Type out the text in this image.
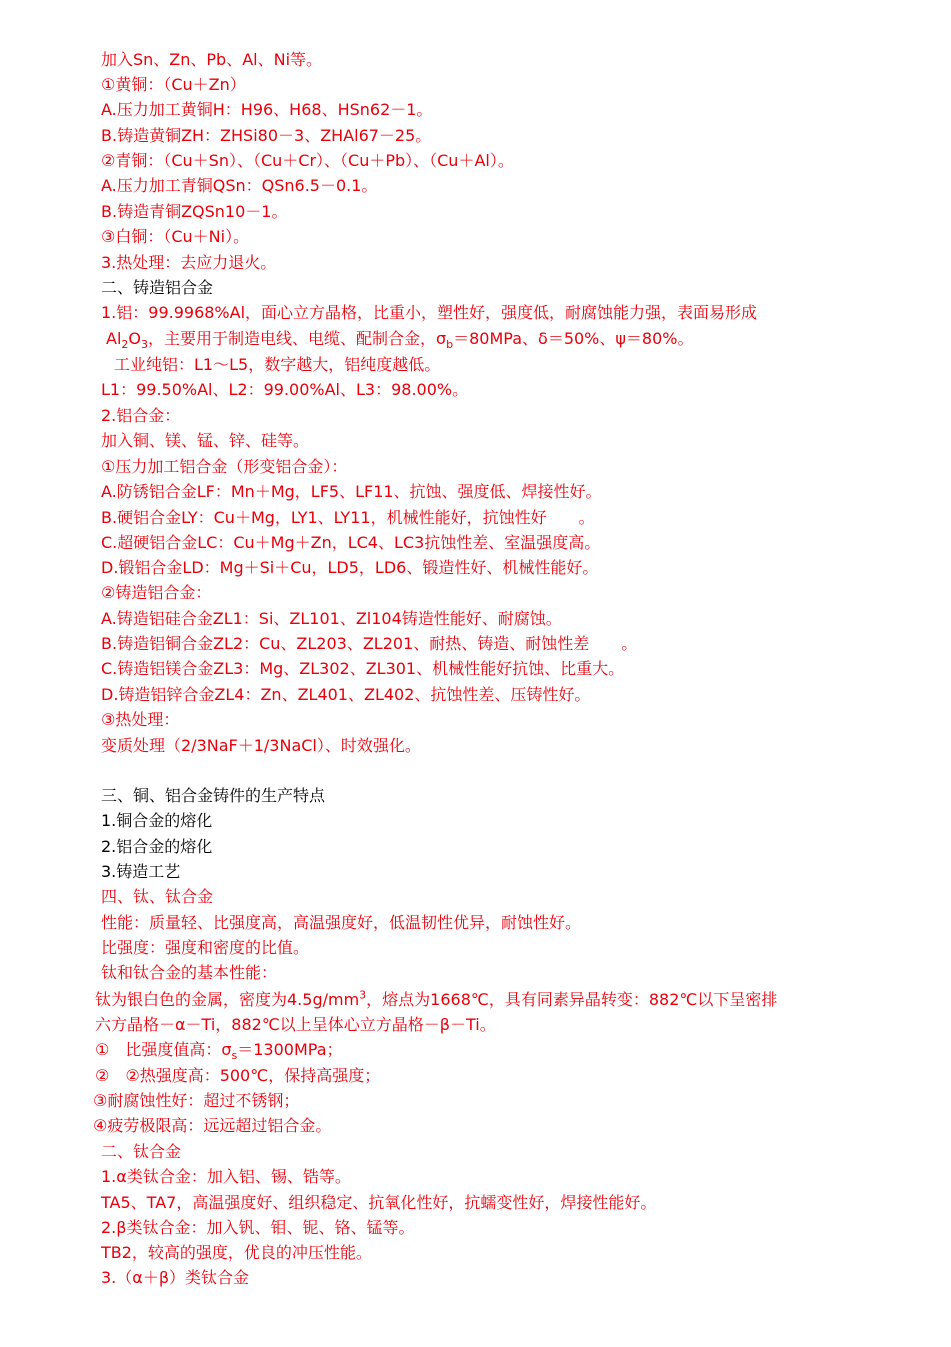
加入Sn、Zn、Pb、Al、Ni等。
①黄铜：（Cu＋Zn）
A.压力加工黄铜H：H96、H68、HSn62－1。
B.铸造黄铜ZH：ZHSi80－3、ZHAl67－25。
②青铜：（Cu＋Sn）、（Cu＋Cr）、（Cu＋Pb）、（Cu＋Al）。
A.压力加工青铜QSn：QSn6.5－0.1。
B.铸造青铜ZQSn10－1。
③白铜：（Cu＋Ni）。
3.热处理：去应力退火。
二、铸造铝合金
1.铝：99.9968%Al，面心立方晶格，比重小，塑性好，强度低，耐腐蚀能力强，表面易形成
$Al_2O_3$，主要用于制造电线、电缆、配制合金，$\sigma_b=80MPa$、δ＝50%、ψ＝80%。
工业纯铝：L1～L5，数字越大，铝纯度越低。
L1：99.50%Al、L2：99.00%Al、L3：98.00%。
2.铝合金：
加入铜、镁、锰、锌、硅等。
①压力加工铝合金（形变铝合金）：
A.防锈铝合金LF：Mn＋Mg，LF5、LF11、抗蚀、强度低、焊接性好。
B.硬铝合金LY：Cu＋Mg，LY1、LY11，机械性能好，抗蚀性好　　。
C.超硬铝合金LC：Cu＋Mg＋Zn，LC4、LC3抗蚀性差、室温强度高。
D.锻铝合金LD：Mg＋Si＋Cu，LD5，LD6、锻造性好、机械性能好。
②铸造铝合金：
A.铸造铝硅合金ZL1：Si、ZL101、Zl104铸造性能好、耐腐蚀。
B.铸造铝铜合金ZL2：Cu、ZL203、ZL201、耐热、铸造、耐蚀性差　　。
C.铸造铝镁合金ZL3：Mg、ZL302、ZL301、机械性能好抗蚀、比重大。
D.铸造铝锌合金ZL4：Zn、ZL401、ZL402、抗蚀性差、压铸性好。
③热处理：
变质处理（2/3NaF＋1/3NaCl）、时效强化。
三、铜、铝合金铸件的生产特点
1.铜合金的熔化
2.铝合金的熔化
3.铸造工艺
四、钛、钛合金
性能：质量轻、比强度高，高温强度好，低温韧性优异，耐蚀性好。
比强度：强度和密度的比值。
钛和钛合金的基本性能：
钛为银白色的金属，密度为$4.5g/mm^3$，熔点为1668℃，具有同素异晶转变：882℃以下呈密排
六方晶格－α－Ti，882℃以上呈体心立方晶格－β－Ti。
①　比强度值高：$\sigma_s=1300MPa$；
②　②热强度高：500℃，保持高强度；
③耐腐蚀性好：超过不锈钢；
④疲劳极限高：远远超过铝合金。
二、钛合金
1.α类钛合金：加入铝、锡、锆等。
TA5、TA7，高温强度好、组织稳定、抗氧化性好，抗蠕变性好，焊接性能好。
2.β类钛合金：加入钒、钼、铌、铬、锰等。
TB2，较高的强度，优良的冲压性能。
3.（α＋β）类钛合金
